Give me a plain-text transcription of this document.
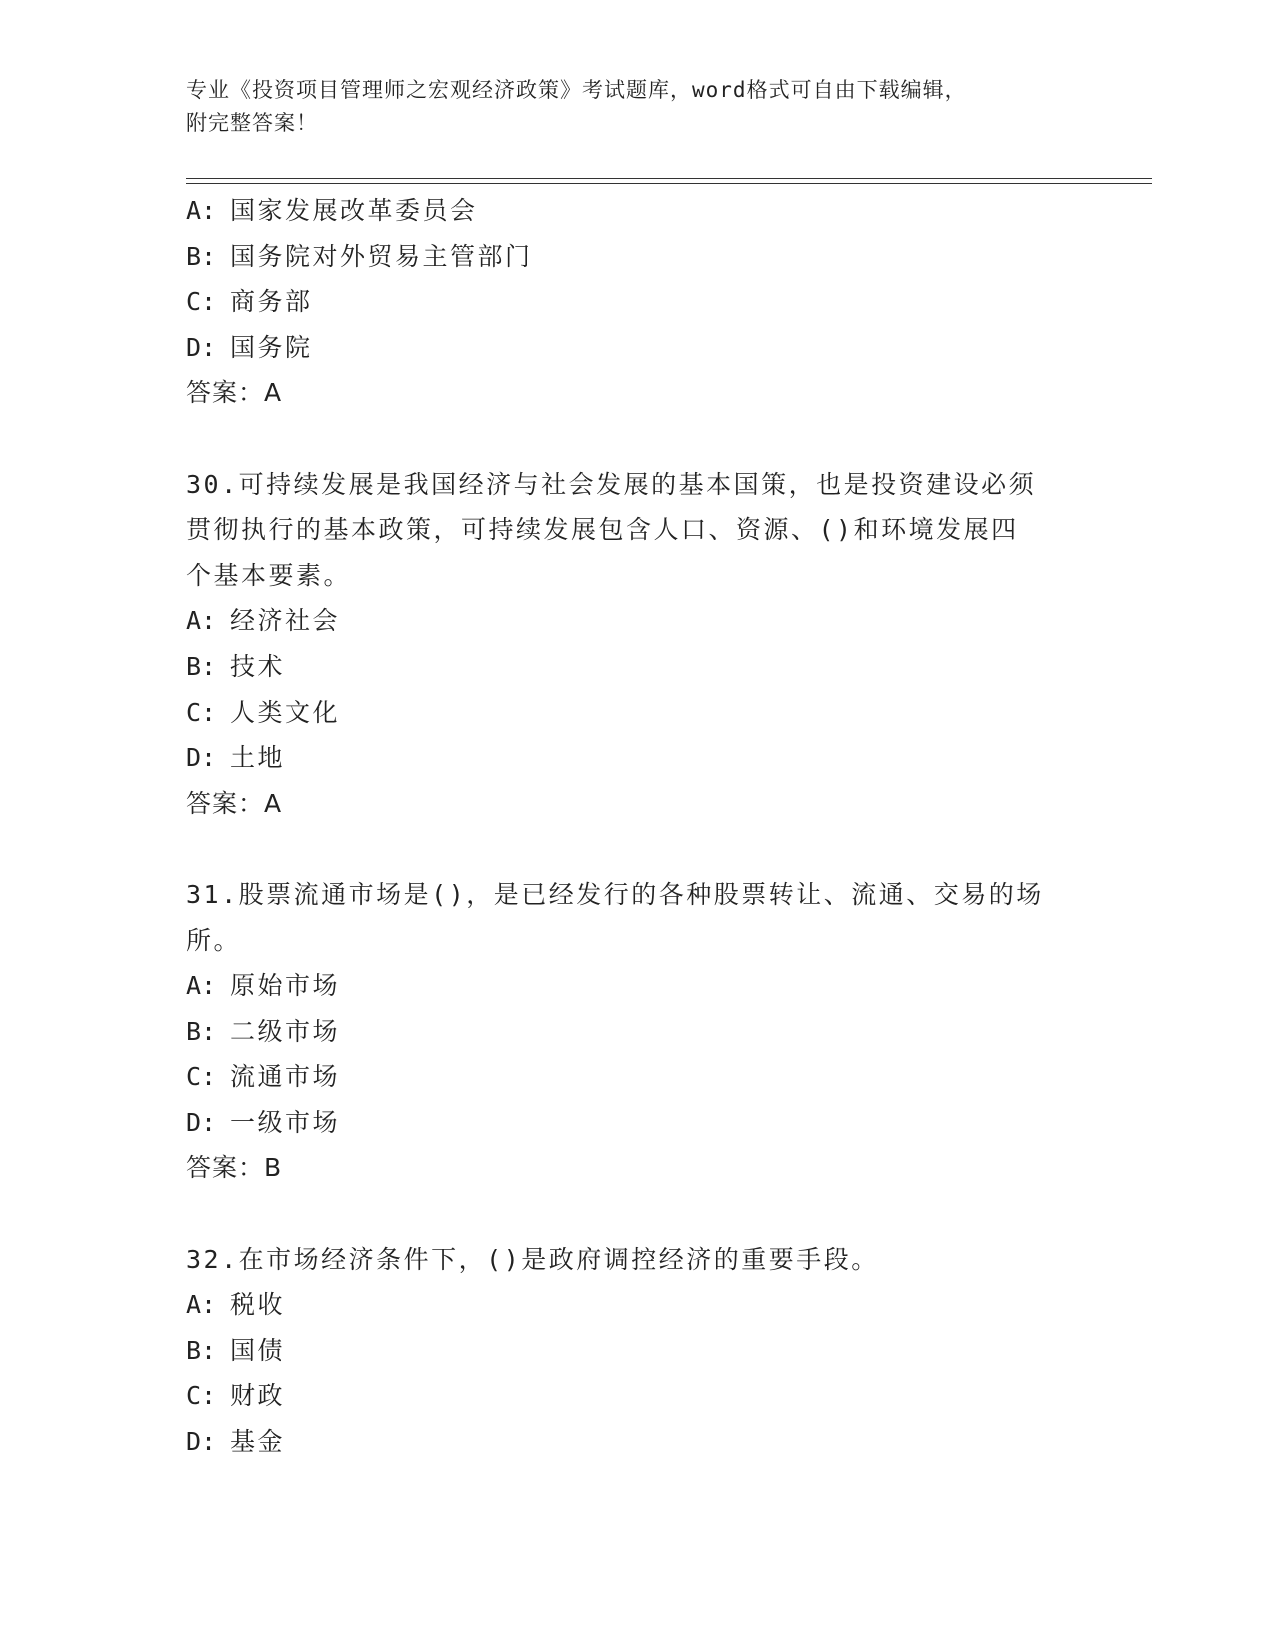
专业《投资项目管理师之宏观经济政策》考试题库，word格式可自由下载编辑，
附完整答案！
A: 国家发展改革委员会
B: 国务院对外贸易主管部门
C: 商务部
D: 国务院
答案：A
30.可持续发展是我国经济与社会发展的基本国策，也是投资建设必须
贯彻执行的基本政策，可持续发展包含人口、资源、()和环境发展四
个基本要素。
A: 经济社会
B: 技术
C: 人类文化
D: 土地
答案：A
31.股票流通市场是()，是已经发行的各种股票转让、流通、交易的场
所。
A: 原始市场
B: 二级市场
C: 流通市场
D: 一级市场
答案：B
32.在市场经济条件下，()是政府调控经济的重要手段。
A: 税收
B: 国债
C: 财政
D: 基金
